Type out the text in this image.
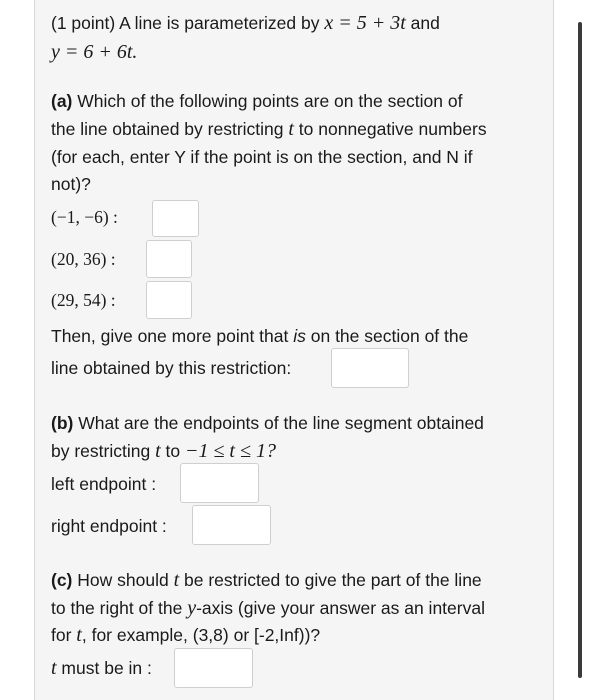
(1 point) A line is parameterized by x = 5 + 3t and
y = 6 + 6t.
(a) Which of the following points are on the section of
the line obtained by restricting t to nonnegative numbers
(for each, enter Y if the point is on the section, and N if
not)?
(−1, −6) :
(20, 36) :
(29, 54) :
Then, give one more point that is on the section of the
line obtained by this restriction:
(b) What are the endpoints of the line segment obtained
by restricting t to −1 ≤ t ≤ 1?
left endpoint :
right endpoint :
(c) How should t be restricted to give the part of the line
to the right of the y-axis (give your answer as an interval
for t, for example, (3,8) or [-2,Inf))?
t must be in :
